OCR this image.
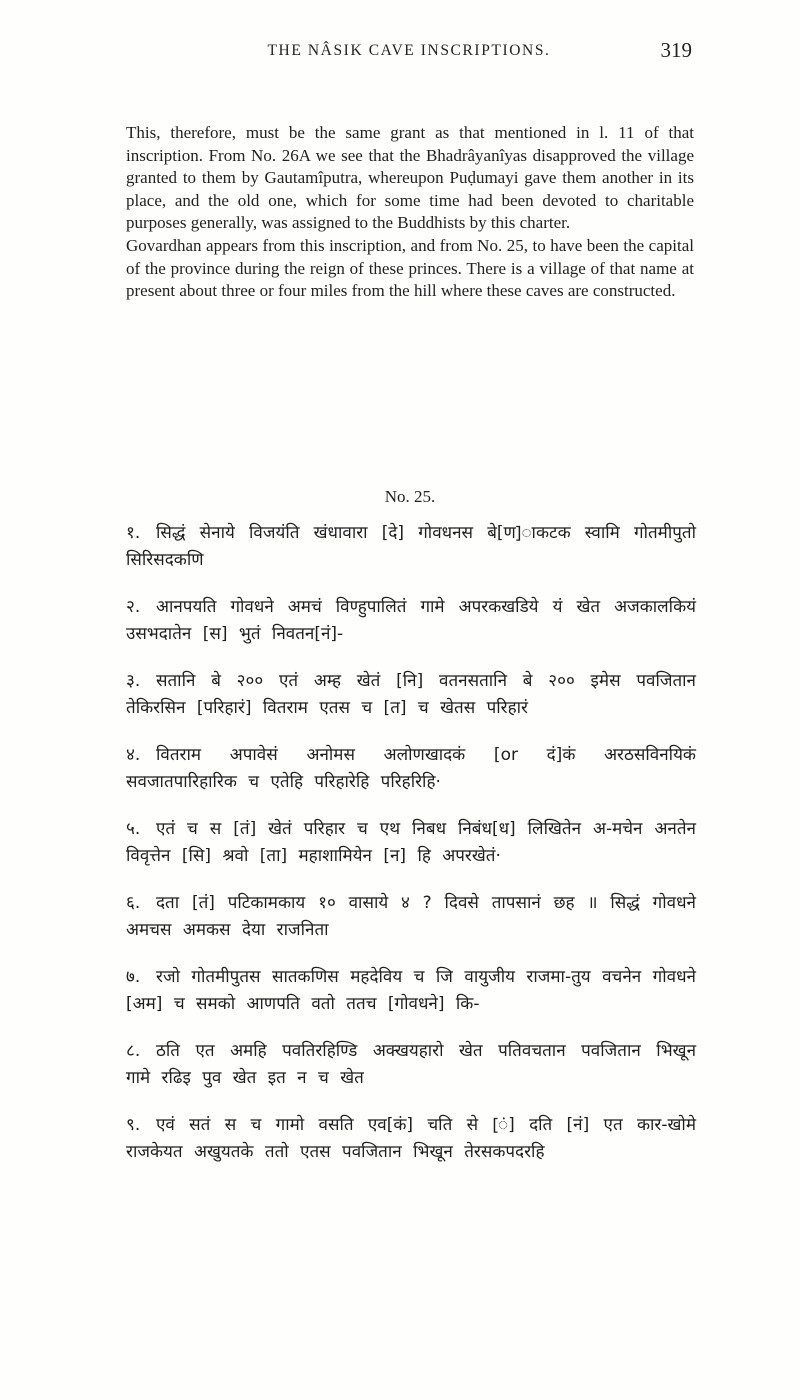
THE NÂSIK CAVE INSCRIPTIONS.	319

This, therefore, must be the same grant as that mentioned in l. 11 of that inscription. From No. 26A we see that the Bhadrâyanîyas disapproved the village granted to them by Gautamîputra, whereupon Puḍumayi gave them another in its place, and the old one, which for some time had been devoted to charitable purposes generally, was assigned to the Buddhists by this charter.

Govardhan appears from this inscription, and from No. 25, to have been the capital of the province during the reign of these princes. There is a village of that name at present about three or four miles from the hill where these caves are constructed.

No. 25.
१. सिद्धं सेनाये विजयंति खंधावारा [दे] गोवधनस बे[ण]ाकटक स्वामि गोतमीपुतो सिरिसदकणि
२. आनपयति गोवधने अमचं विण्हुपालितं गामे अपरकखडिये यं खेत अजकालकियं उसभदातेन [स] भुतं निवतन[नं]-
३. सतानि बे २०० एतं अम्ह खेतं [नि] वतनसतानि बे २०० इमेस पवजितान तेकिरसिन [परिहारं] वितराम एतस च [त] च खेतस परिहारं
४. वितराम अपावेसं अनोमस अलोणखादकं [or दं]कं अरठसविनयिकं सवजातपारिहारिक च एतेहि परिहारेहि परिहरिहि·
५. एतं च स [तं] खेतं परिहार च एथ निबध निबंध[ध] लिखितेन अ-मचेन अनतेन विवृत्तेन [सि] श्रवो [ता] महाशामियेन [न] हि अपरखेतं·
६. दता [तं] पटिकामकाय १० वासाये ४ ? दिवसे तापसानं छह ॥ सिद्धं गोवधने अमचस अमकस देया राजनिता
७. रजो गोतमीपुतस सातकणिस महदेविय च जि वायुजीय राजमा-तुय वचनेन गोवधने [अम] च समको आणपति वतो ततच [गोवधने] कि-
८. ठति एत अमहि पवतिरहिण्डि अक्खयहारो खेत पतिवचतान पवजितान भिखून गामे रढिइ पुव खेत इत न च खेत
९. एवं सतं स च गामो वसति एव[कं] चति से [ं] दति [नं] एत कार-खोमे राजकेयत अखुयतके ततो एतस पवजितान भिखून तेरसकपदरहि
